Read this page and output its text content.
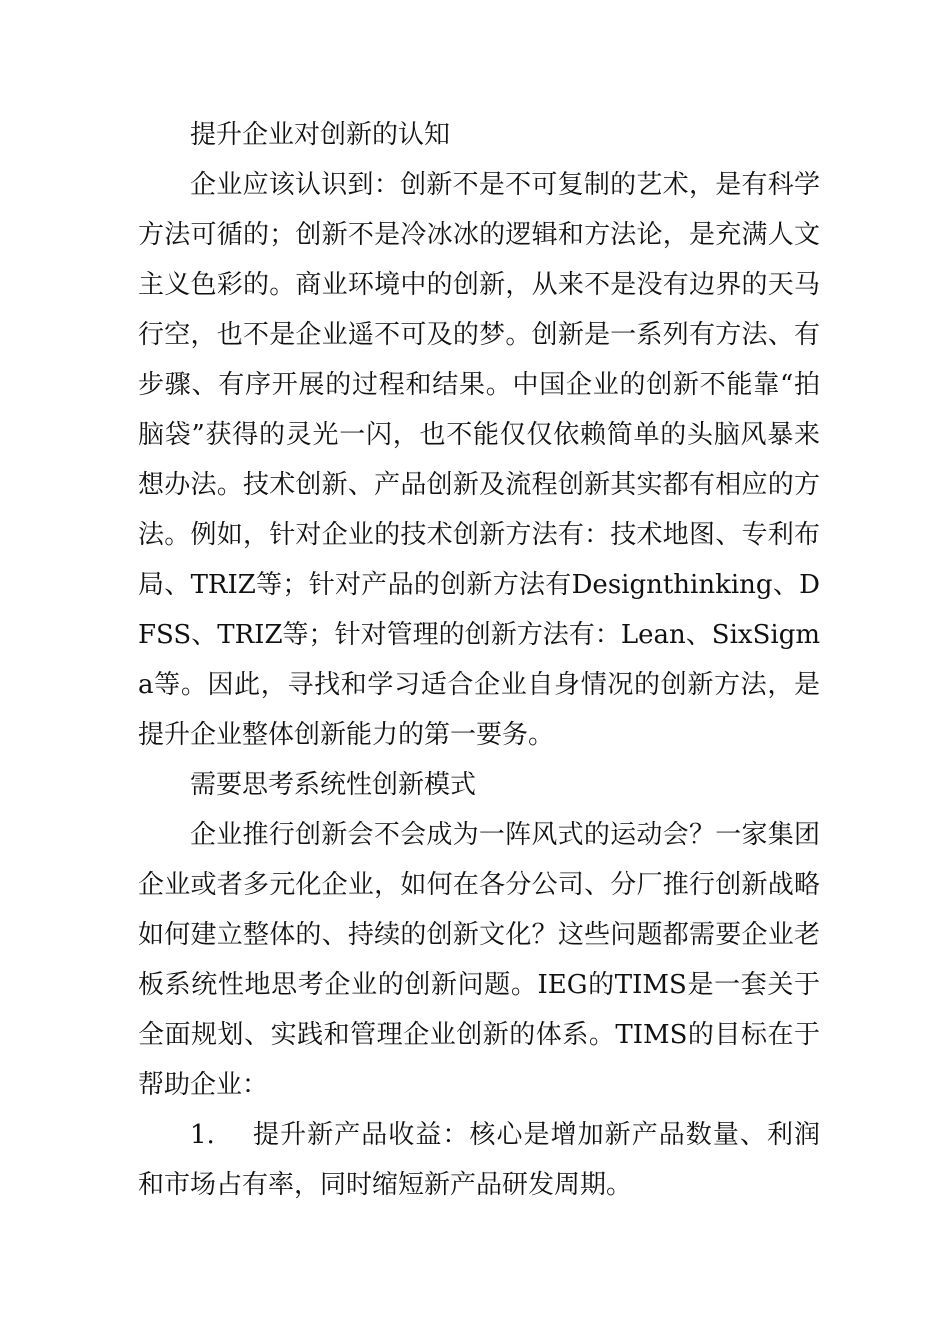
提升企业对创新的认知

企业应该认识到：创新不是不可复制的艺术，是有科学方法可循的；创新不是冷冰冰的逻辑和方法论，是充满人文主义色彩的。商业环境中的创新，从来不是没有边界的天马行空，也不是企业遥不可及的梦。创新是一系列有方法、有步骤、有序开展的过程和结果。中国企业的创新不能靠“拍脑袋”获得的灵光一闪，也不能仅仅依赖简单的头脑风暴来想办法。技术创新、产品创新及流程创新其实都有相应的方法。例如，针对企业的技术创新方法有：技术地图、专利布局、TRIZ等；针对产品的创新方法有Designthinking、DFSS、TRIZ等；针对管理的创新方法有：Lean、SixSigma等。因此，寻找和学习适合企业自身情况的创新方法，是提升企业整体创新能力的第一要务。

需要思考系统性创新模式

企业推行创新会不会成为一阵风式的运动会？一家集团企业或者多元化企业，如何在各分公司、分厂推行创新战略如何建立整体的、持续的创新文化？这些问题都需要企业老板系统性地思考企业的创新问题。IEG的TIMS是一套关于全面规划、实践和管理企业创新的体系。TIMS的目标在于帮助企业：

1. 提升新产品收益：核心是增加新产品数量、利润和市场占有率，同时缩短新产品研发周期。
